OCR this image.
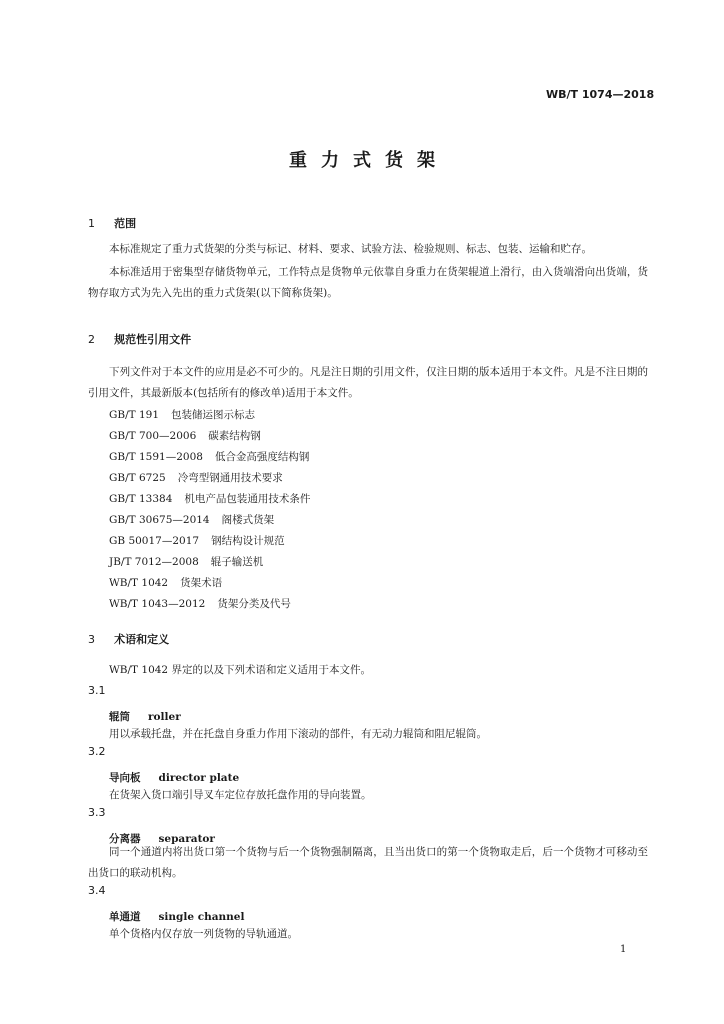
WB/T 1074—2018
重力式货架
1 范围
本标准规定了重力式货架的分类与标记、材料、要求、试验方法、检验规则、标志、包装、运输和贮存。
本标准适用于密集型存储货物单元，工作特点是货物单元依靠自身重力在货架辊道上滑行，由入货端滑向出货端，货物存取方式为先入先出的重力式货架(以下简称货架)。
2 规范性引用文件
下列文件对于本文件的应用是必不可少的。凡是注日期的引用文件，仅注日期的版本适用于本文件。凡是不注日期的引用文件，其最新版本(包括所有的修改单)适用于本文件。
GB/T 191 包装储运图示标志
GB/T 700—2006 碳素结构钢
GB/T 1591—2008 低合金高强度结构钢
GB/T 6725 冷弯型钢通用技术要求
GB/T 13384 机电产品包装通用技术条件
GB/T 30675—2014 阁楼式货架
GB 50017—2017 钢结构设计规范
JB/T 7012—2008 辊子输送机
WB/T 1042 货架术语
WB/T 1043—2012 货架分类及代号
3 术语和定义
WB/T 1042 界定的以及下列术语和定义适用于本文件。
3.1
辊筒 roller
用以承载托盘，并在托盘自身重力作用下滚动的部件，有无动力辊筒和阻尼辊筒。
3.2
导向板 director plate
在货架入货口端引导叉车定位存放托盘作用的导向装置。
3.3
分离器 separator
同一个通道内将出货口第一个货物与后一个货物强制隔离，且当出货口的第一个货物取走后，后一个货物才可移动至出货口的联动机构。
3.4
单通道 single channel
单个货格内仅存放一列货物的导轨通道。
1
